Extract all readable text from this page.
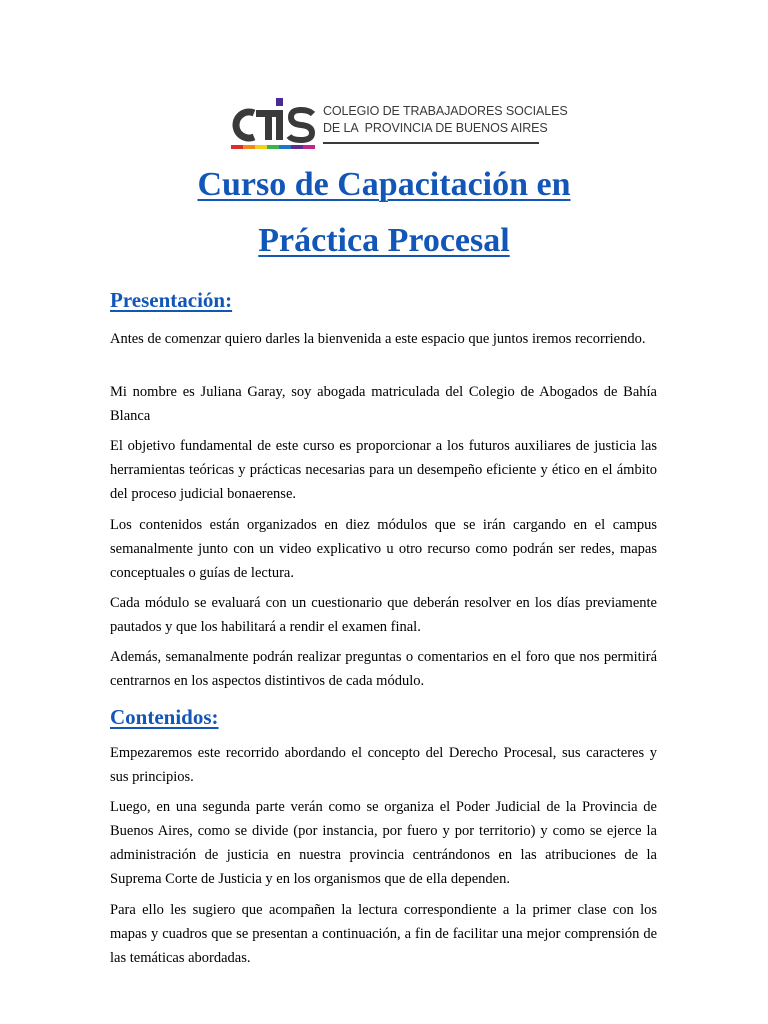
COLEGIO DE TRABAJADORES SOCIALES
DE LA  PROVINCIA DE BUENOS AIRES
Curso de Capacitación en
Práctica Procesal
Presentación:

Antes de comenzar quiero darles la bienvenida a este espacio que juntos iremos recorriendo.

Mi nombre es Juliana Garay, soy abogada matriculada del Colegio de Abogados de Bahía Blanca

El objetivo fundamental de este curso es proporcionar a los futuros auxiliares de justicia las herramientas teóricas y prácticas necesarias para un desempeño eficiente y ético en el ámbito del proceso judicial bonaerense.

Los contenidos están organizados en diez módulos que se irán cargando en el campus semanalmente junto con un video explicativo u otro recurso como podrán ser redes, mapas conceptuales o guías de lectura.

Cada módulo se evaluará con un cuestionario que deberán resolver en los días previamente pautados y que los habilitará a rendir el examen final.

Además, semanalmente podrán realizar preguntas o comentarios en el foro que nos permitirá centrarnos en los aspectos distintivos de cada módulo.

Contenidos:

Empezaremos este recorrido abordando el concepto del Derecho Procesal, sus caracteres y sus principios.

Luego, en una segunda parte verán como se organiza el Poder Judicial de la Provincia de Buenos Aires, como se divide (por instancia, por fuero y por territorio) y como se ejerce la administración de justicia en nuestra provincia centrándonos en las atribuciones de la Suprema Corte de Justicia y en los organismos que de ella dependen.

Para ello les sugiero que acompañen la lectura correspondiente a la primer clase con los mapas y cuadros que se presentan a continuación, a fin de facilitar una mejor comprensión de las temáticas abordadas.
